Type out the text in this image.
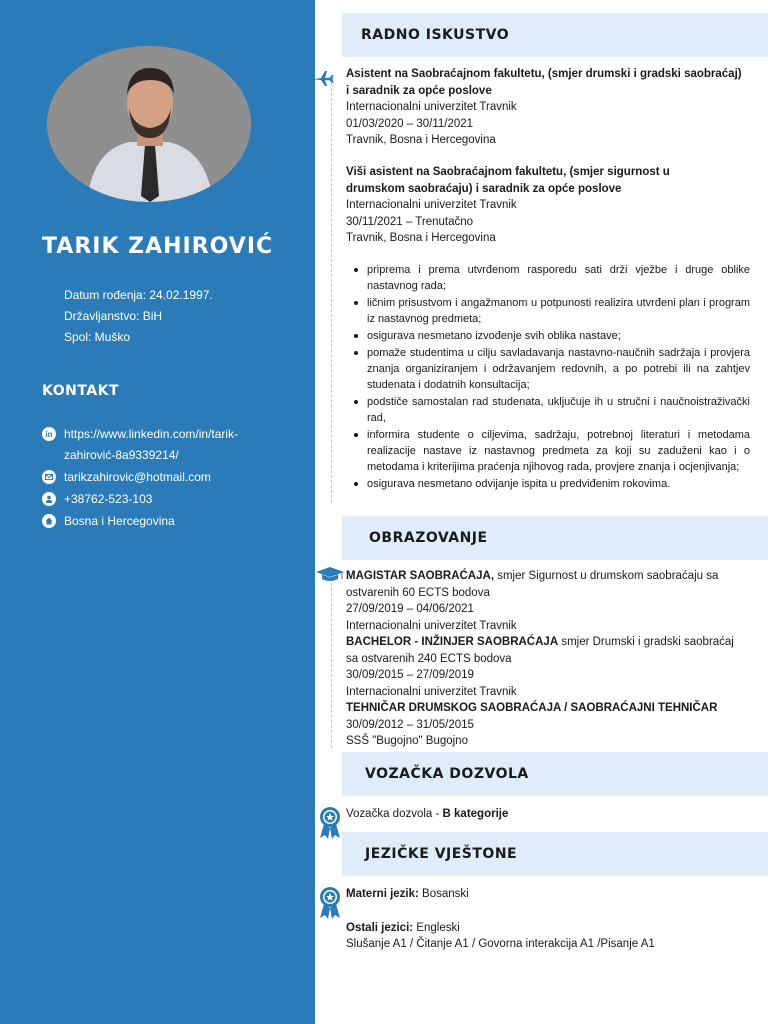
TARIK ZAHIROVIĆ
Datum rođenja: 24.02.1997.
Državljanstvo: BiH
Spol: Muško
KONTAKT
in https://www.linkedin.com/in/tarik-zahirović-8a9339214/
tarikzahirovic@hotmail.com
+38762-523-103
Bosna i Hercegovina
RADNO ISKUSTVO
Asistent na Saobraćajnom fakultetu, (smjer drumski i gradski saobraćaj) i saradnik za opće poslove
Internacionalni univerzitet Travnik
01/03/2020 – 30/11/2021
Travnik, Bosna i Hercegovina
Viši asistent na Saobraćajnom fakultetu, (smjer sigurnost u drumskom saobraćaju) i saradnik za opće poslove
Internacionalni univerzitet Travnik
30/11/2021 – Trenutačno
Travnik, Bosna i Hercegovina
priprema i prema utvrđenom rasporedu sati drži vježbe i druge oblike nastavnog rada;
ličnim prisustvom i angažmanom u potpunosti realizira utvrđeni plan i program iz nastavnog predmeta;
osigurava nesmetano izvođenje svih oblika nastave;
pomaže studentima u cilju savladavanja nastavno-naučnih sadržaja i provjera znanja organiziranjem i održavanjem redovnih, a po potrebi ili na zahtjev studenata i dodatnih konsultacija;
podstiče samostalan rad studenata, uključuje ih u stručni i naučnoistraživački rad,
informira studente o ciljevima, sadržaju, potrebnoj literaturi i metodama realizacije nastave iz nastavnog predmeta za koji su zaduženi kao i o metodama i kriterijima praćenja njihovog rada, provjere znanja i ocjenjivanja;
osigurava nesmetano odvijanje ispita u predviđenim rokovima.
OBRAZOVANJE
MAGISTAR SAOBRAĆAJA, smjer Sigurnost u drumskom saobraćaju sa ostvarenih 60 ECTS bodova
27/09/2019 – 04/06/2021
Internacionalni univerzitet Travnik
BACHELOR - INŽINJER SAOBRAĆAJA smjer Drumski i gradski saobraćaj sa ostvarenih 240 ECTS bodova
30/09/2015 – 27/09/2019
Internacionalni univerzitet Travnik
TEHNIČAR DRUMSKOG SAOBRAĆAJA / SAOBRAĆAJNI TEHNIČAR
30/09/2012 – 31/05/2015
SSŠ "Bugojno" Bugojno
VOZAČKA DOZVOLA
Vozačka dozvola - B kategorije
JEZIČKE VJEŠTONE
Materni jezik: Bosanski
Ostali jezici: Engleski
Slušanje A1 / Čitanje A1 / Govorna interakcija A1 /Pisanje A1
